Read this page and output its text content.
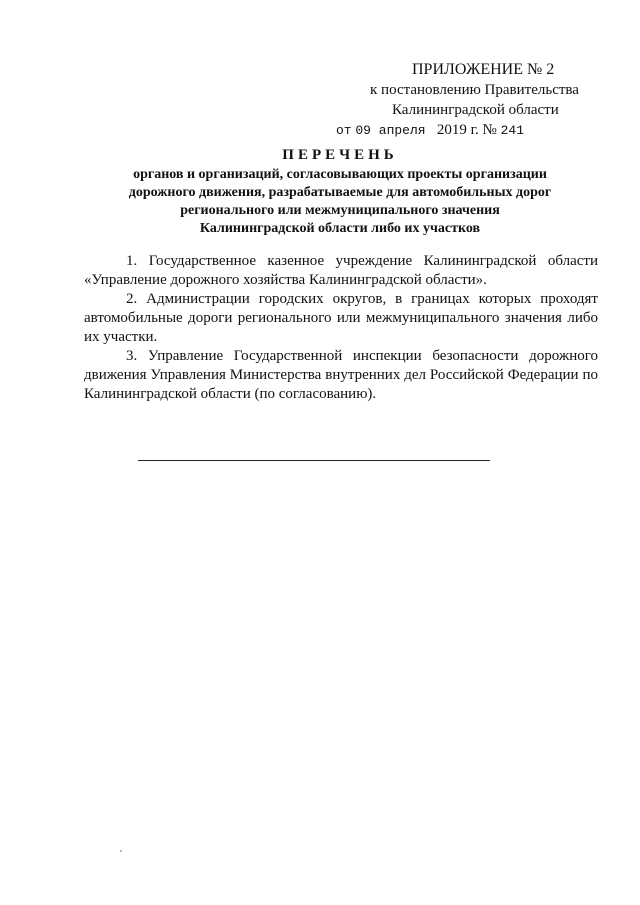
ПРИЛОЖЕНИЕ № 2
к постановлению Правительства
Калининградской области
от 09 апреля 2019 г. № 241
ПЕРЕЧЕНЬ
органов и организаций, согласовывающих проекты организации
дорожного движения, разрабатываемые для автомобильных дорог
регионального или межмуниципального значения
Калининградской области либо их участков

1. Государственное казенное учреждение Калининградской области «Управление дорожного хозяйства Калининградской области».

2. Администрации городских округов, в границах которых проходят автомобильные дороги регионального или межмуниципального значения либо их участки.

3. Управление Государственной инспекции безопасности дорожного движения Управления Министерства внутренних дел Российской Федерации по Калининградской области (по согласованию).
